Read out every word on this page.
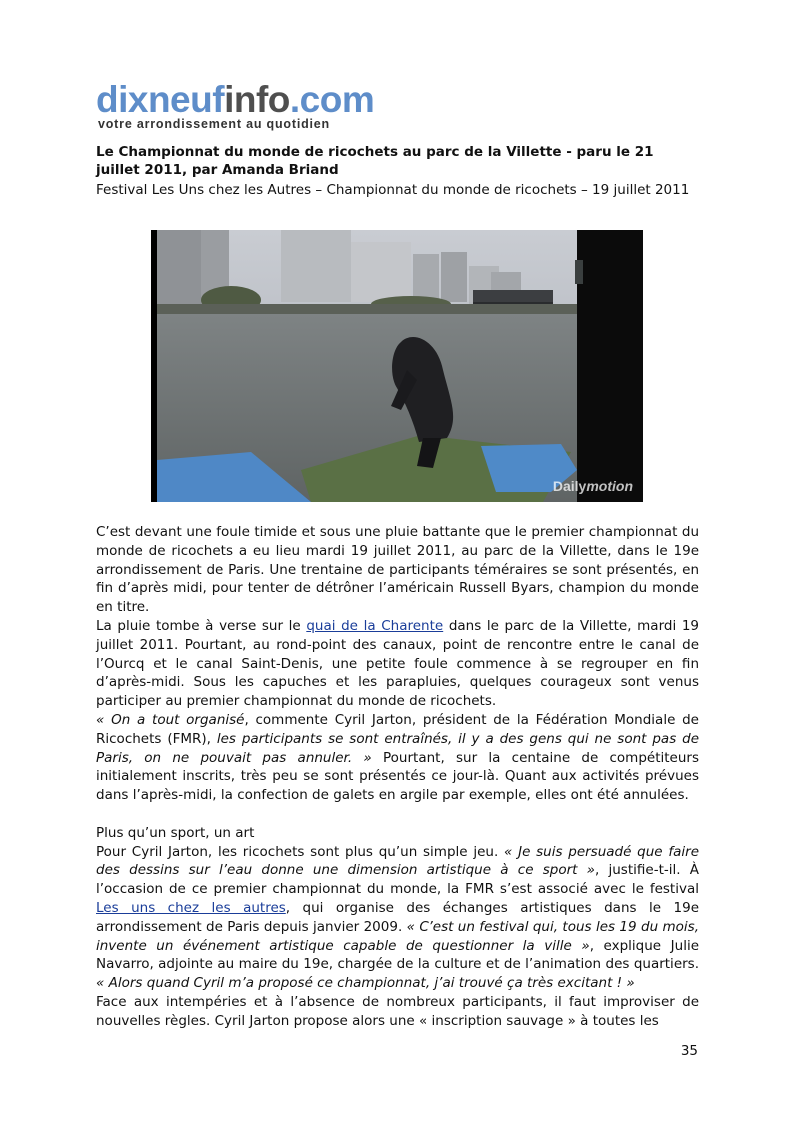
dixneufinfo.com
votre arrondissement au quotidien
Le Championnat du monde de ricochets au parc de la Villette - paru le 21 juillet 2011, par Amanda Briand
Festival Les Uns chez les Autres – Championnat du monde de ricochets – 19 juillet 2011
Dailymotion

C’est devant une foule timide et sous une pluie battante que le premier championnat du monde de ricochets a eu lieu mardi 19 juillet 2011, au parc de la Villette, dans le 19e arrondissement de Paris. Une trentaine de participants téméraires se sont présentés, en fin d’après midi, pour tenter de détrôner l’américain Russell Byars, champion du monde en titre.

La pluie tombe à verse sur le quai de la Charente dans le parc de la Villette, mardi 19 juillet 2011. Pourtant, au rond-point des canaux, point de rencontre entre le canal de l’Ourcq et le canal Saint-Denis, une petite foule commence à se regrouper en fin d’après-midi. Sous les capuches et les parapluies, quelques courageux sont venus participer au premier championnat du monde de ricochets.

« On a tout organisé, commente Cyril Jarton, président de la Fédération Mondiale de Ricochets (FMR), les participants se sont entraînés, il y a des gens qui ne sont pas de Paris, on ne pouvait pas annuler. » Pourtant, sur la centaine de compétiteurs initialement inscrits, très peu se sont présentés ce jour-là. Quant aux activités prévues dans l’après-midi, la confection de galets en argile par exemple, elles ont été annulées.

Plus qu’un sport, un art

Pour Cyril Jarton, les ricochets sont plus qu’un simple jeu. « Je suis persuadé que faire des dessins sur l’eau donne une dimension artistique à ce sport », justifie-t-il. À l’occasion de ce premier championnat du monde, la FMR s’est associé avec le festival Les uns chez les autres, qui organise des échanges artistiques dans le 19e arrondissement de Paris depuis janvier 2009. « C’est un festival qui, tous les 19 du mois, invente un événement artistique capable de questionner la ville », explique Julie Navarro, adjointe au maire du 19e, chargée de la culture et de l’animation des quartiers. « Alors quand Cyril m’a proposé ce championnat, j’ai trouvé ça très excitant ! »

Face aux intempéries et à l’absence de nombreux participants, il faut improviser de nouvelles règles. Cyril Jarton propose alors une « inscription sauvage » à toutes les

35
